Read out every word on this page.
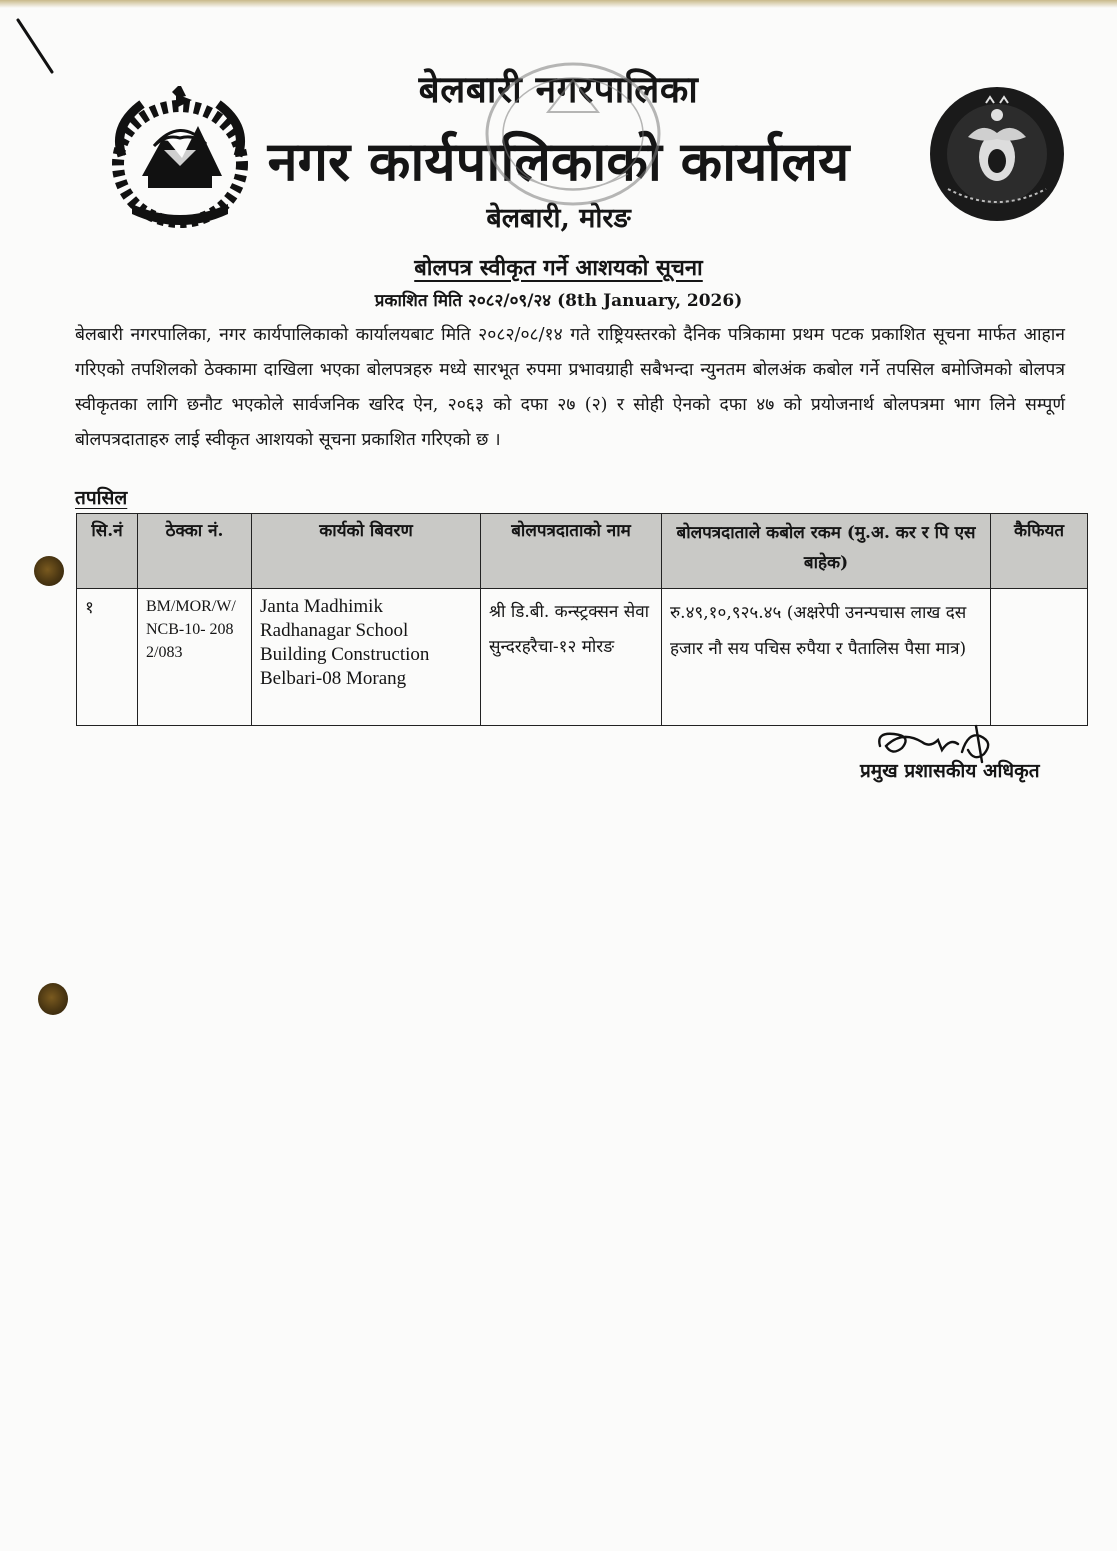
बेलबारी नगरपालिका
नगर कार्यपालिकाको कार्यालय
बेलबारी, मोरङ
बोलपत्र स्वीकृत गर्ने आशयको सूचना
प्रकाशित मिति २०८२/०९/२४ (8th January, 2026)
बेलबारी नगरपालिका, नगर कार्यपालिकाको कार्यालयबाट मिति २०८२/०८/१४ गते राष्ट्रियस्तरको दैनिक पत्रिकामा प्रथम पटक प्रकाशित सूचना मार्फत आहान गरिएको तपशिलको ठेक्कामा दाखिला भएका बोलपत्रहरु मध्ये सारभूत रुपमा प्रभावग्राही सबैभन्दा न्युनतम बोलअंक कबोल गर्ने तपसिल बमोजिमको बोलपत्र स्वीकृतका लागि छनौट भएकोले सार्वजनिक खरिद ऐन, २०६३ को दफा २७ (२) र सोही ऐनको दफा ४७ को प्रयोजनार्थ बोलपत्रमा भाग लिने सम्पूर्ण बोलपत्रदाताहरु लाई स्वीकृत आशयको सूचना प्रकाशित गरिएको छ ।
तपसिल
सि.नं	ठेक्का नं.	कार्यको बिवरण	बोलपत्रदाताको नाम	बोलपत्रदाताले कबोल रकम (मु.अ. कर र पि एस बाहेक)	कैफियत
१	BM/MOR/W/ NCB-10- 2082/083	Janta Madhimik Radhanagar School Building Construction Belbari-08 Morang	श्री डि.बी. कन्स्ट्रक्सन सेवा सुन्दरहरैचा-१२ मोरङ	रु.४९,१०,९२५.४५ (अक्षरेपी उनन्पचास लाख दस हजार नौ सय पचिस रुपैया र पैतालिस पैसा मात्र)	
प्रमुख प्रशासकीय अधिकृत
